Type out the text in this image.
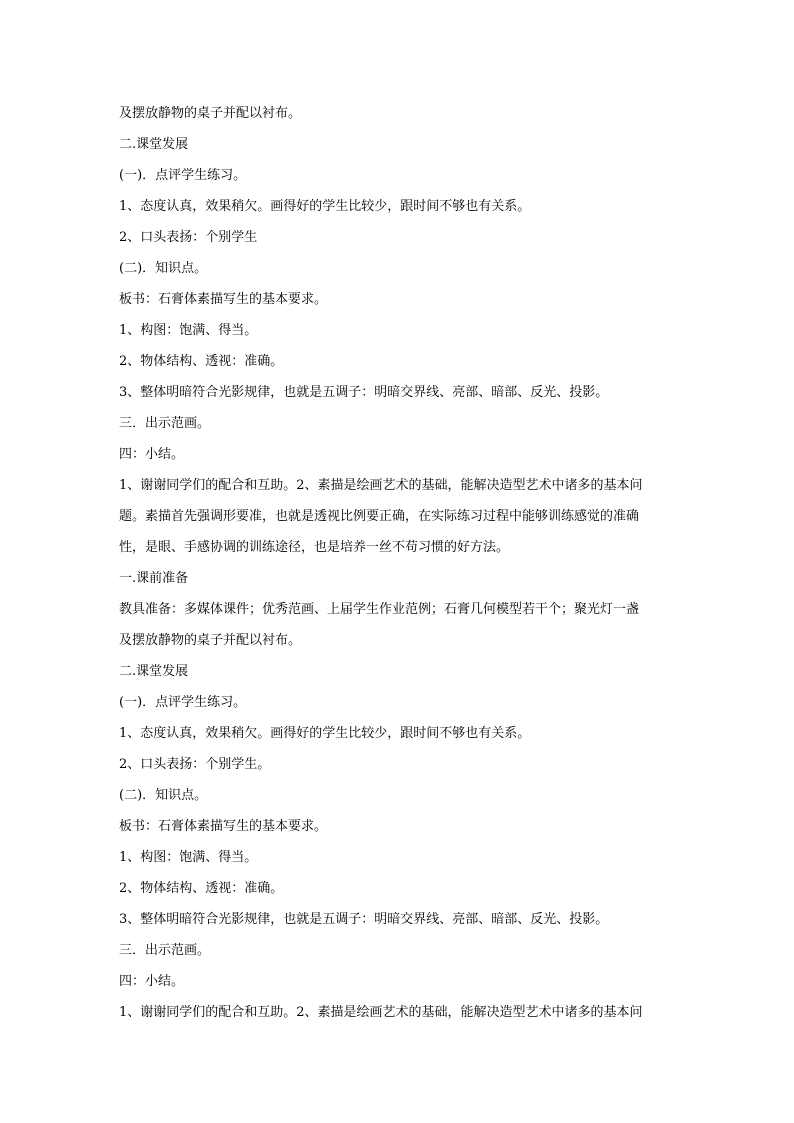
及摆放静物的桌子并配以衬布。
二.课堂发展
(一)．点评学生练习。
1、态度认真，效果稍欠。画得好的学生比较少，跟时间不够也有关系。
2、口头表扬：个别学生
(二)．知识点。
板书：石膏体素描写生的基本要求。
1、构图：饱满、得当。
2、物体结构、透视：准确。
3、整体明暗符合光影规律，也就是五调子：明暗交界线、亮部、暗部、反光、投影。
三．出示范画。
四：小结。
1、谢谢同学们的配合和互助。2、素描是绘画艺术的基础，能解决造型艺术中诸多的基本问
题。素描首先强调形要准，也就是透视比例要正确，在实际练习过程中能够训练感觉的准确
性，是眼、手感协调的训练途径，也是培养一丝不苟习惯的好方法。
一.课前准备
教具准备：多媒体课件；优秀范画、上届学生作业范例；石膏几何模型若干个；聚光灯一盏
及摆放静物的桌子并配以衬布。
二.课堂发展
(一)．点评学生练习。
1、态度认真，效果稍欠。画得好的学生比较少，跟时间不够也有关系。
2、口头表扬：个别学生。
(二)．知识点。
板书：石膏体素描写生的基本要求。
1、构图：饱满、得当。
2、物体结构、透视：准确。
3、整体明暗符合光影规律，也就是五调子：明暗交界线、亮部、暗部、反光、投影。
三．出示范画。
四：小结。
1、谢谢同学们的配合和互助。2、素描是绘画艺术的基础，能解决造型艺术中诸多的基本问
